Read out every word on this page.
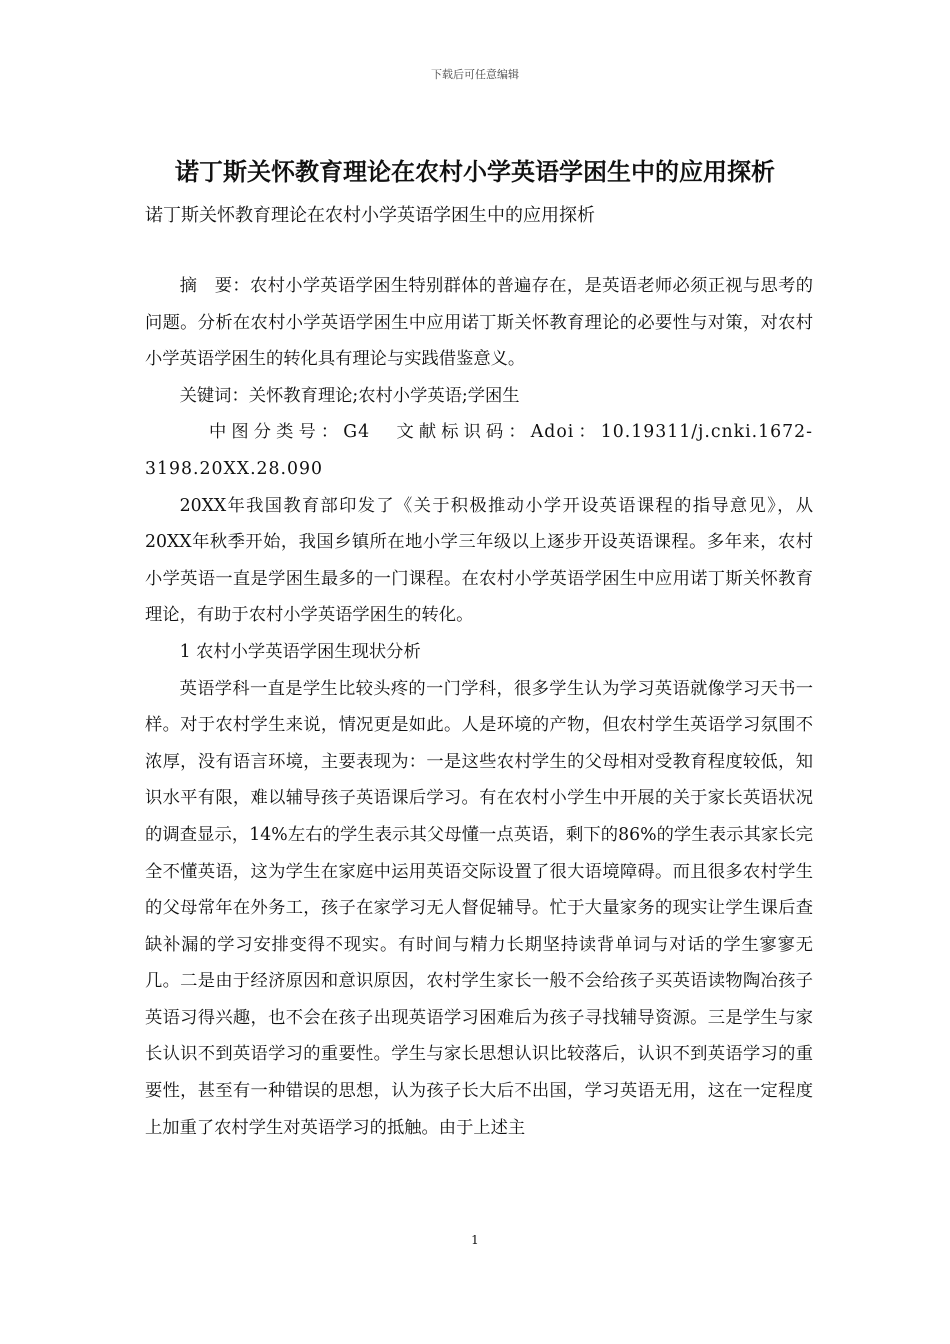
下载后可任意编辑
诺丁斯关怀教育理论在农村小学英语学困生中的应用探析
诺丁斯关怀教育理论在农村小学英语学困生中的应用探析

摘　要：农村小学英语学困生特别群体的普遍存在，是英语老师必须正视与思考的问题。分析在农村小学英语学困生中应用诺丁斯关怀教育理论的必要性与对策，对农村小学英语学困生的转化具有理论与实践借鉴意义。

关键词：关怀教育理论;农村小学英语;学困生

中图分类号：G4　文献标识码：Adoi：10.19311/j.cnki.1672-3198.20XX.28.090

20XX年我国教育部印发了《关于积极推动小学开设英语课程的指导意见》，从20XX年秋季开始，我国乡镇所在地小学三年级以上逐步开设英语课程。多年来，农村小学英语一直是学困生最多的一门课程。在农村小学英语学困生中应用诺丁斯关怀教育理论，有助于农村小学英语学困生的转化。

1 农村小学英语学困生现状分析

英语学科一直是学生比较头疼的一门学科，很多学生认为学习英语就像学习天书一样。对于农村学生来说，情况更是如此。人是环境的产物，但农村学生英语学习氛围不浓厚，没有语言环境，主要表现为：一是这些农村学生的父母相对受教育程度较低，知识水平有限，难以辅导孩子英语课后学习。有在农村小学生中开展的关于家长英语状况的调查显示，14%左右的学生表示其父母懂一点英语，剩下的86%的学生表示其家长完全不懂英语，这为学生在家庭中运用英语交际设置了很大语境障碍。而且很多农村学生的父母常年在外务工，孩子在家学习无人督促辅导。忙于大量家务的现实让学生课后查缺补漏的学习安排变得不现实。有时间与精力长期坚持读背单词与对话的学生寥寥无几。二是由于经济原因和意识原因，农村学生家长一般不会给孩子买英语读物陶冶孩子英语习得兴趣，也不会在孩子出现英语学习困难后为孩子寻找辅导资源。三是学生与家长认识不到英语学习的重要性。学生与家长思想认识比较落后，认识不到英语学习的重要性，甚至有一种错误的思想，认为孩子长大后不出国，学习英语无用，这在一定程度上加重了农村学生对英语学习的抵触。由于上述主

1
